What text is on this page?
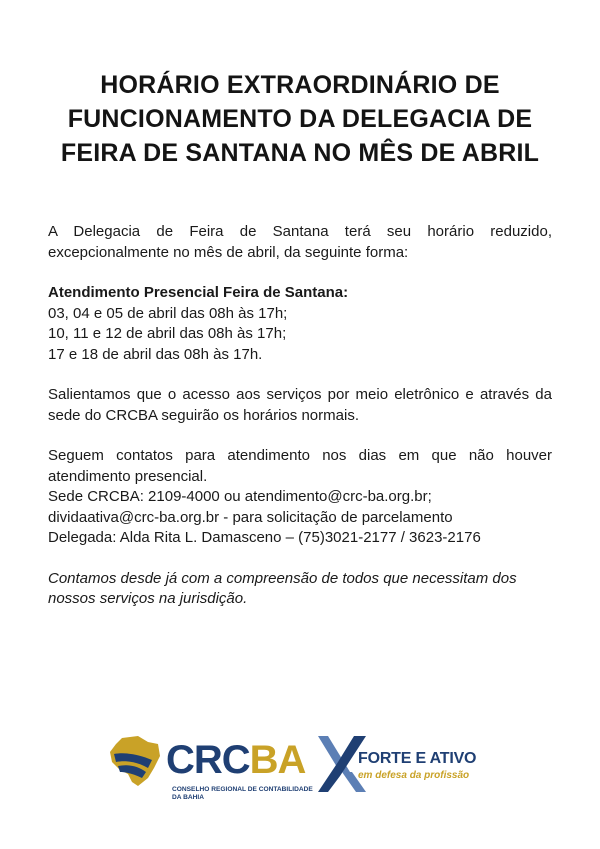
HORÁRIO EXTRAORDINÁRIO DE
FUNCIONAMENTO DA DELEGACIA DE
FEIRA DE SANTANA NO MÊS DE ABRIL

A Delegacia de Feira de Santana terá seu horário reduzido, excepcionalmente no mês de abril, da seguinte forma:

Atendimento Presencial Feira de Santana:
03, 04 e 05 de abril das 08h às 17h;
10, 11 e 12 de abril das 08h às 17h;
17 e 18 de abril das 08h às 17h.

Salientamos que o acesso aos serviços por meio eletrônico e através da sede do CRCBA seguirão os horários normais.

Seguem contatos para atendimento nos dias em que não houver atendimento presencial.

Sede CRCBA: 2109-4000 ou atendimento@crc-ba.org.br;
dividaativa@crc-ba.org.br - para solicitação de parcelamento
Delegada: Alda Rita L. Damasceno – (75)3021-2177 / 3623-2176

Contamos desde já com a compreensão de todos que necessitam dos nossos serviços na jurisdição.

CRCBA
CONSELHO REGIONAL DE CONTABILIDADE
DA BAHIA
FORTE E ATIVO
em defesa da profissão
